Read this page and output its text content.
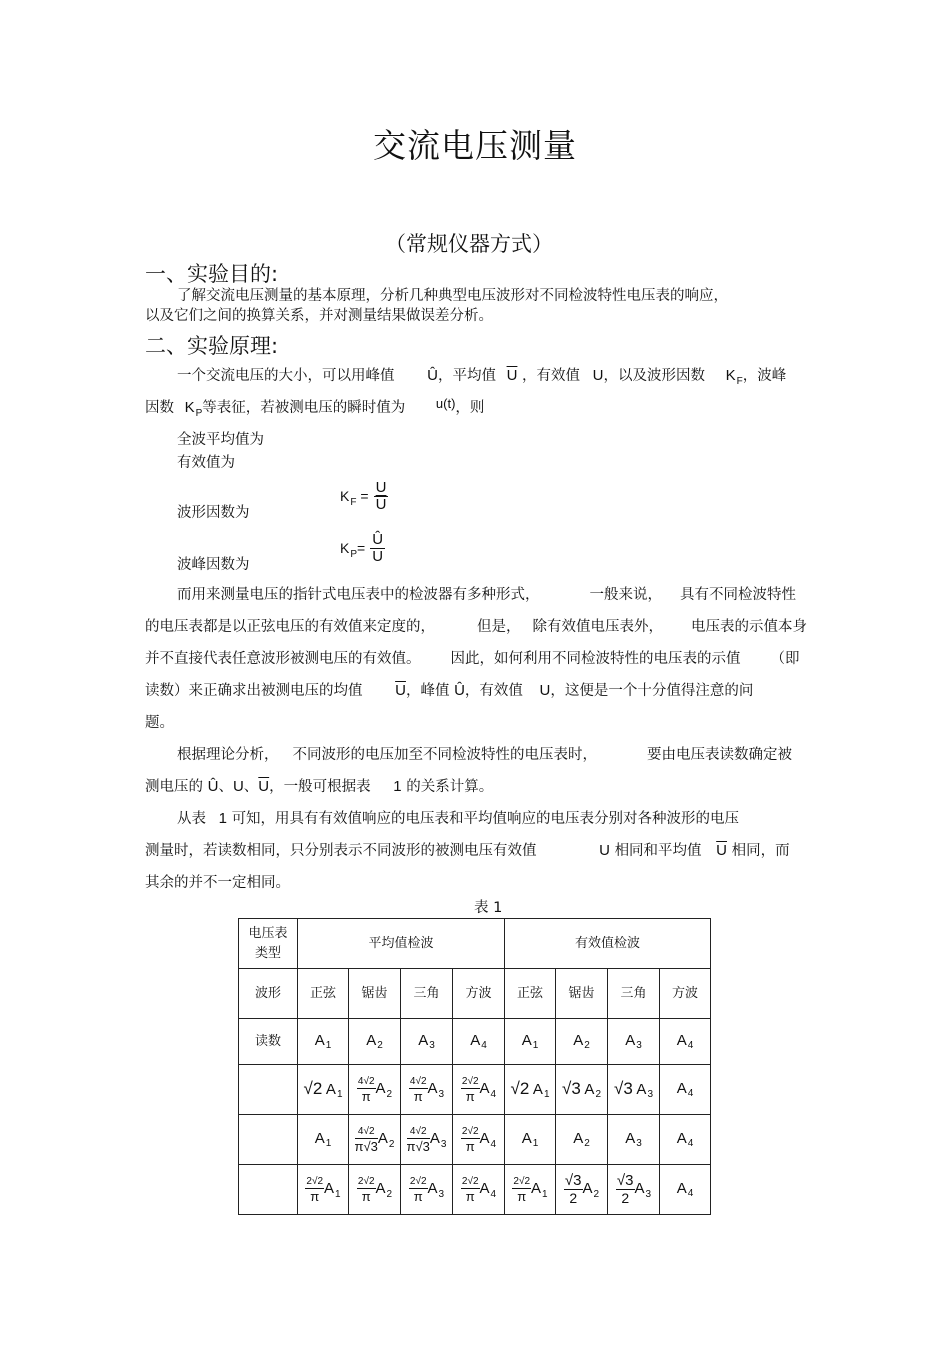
交流电压测量
（常规仪器方式）
一、实验目的:
了解交流电压测量的基本原理，分析几种典型电压波形对不同检波特性电压表的响应，
以及它们之间的换算关系，并对测量结果做误差分析。
二、实验原理:
一个交流电压的大小，可以用峰值 Û，平均值 $\overline{U}$ ，有效值 U，以及波形因数 $K_F$，波峰
因数 $K_P$等表征，若被测电压的瞬时值为 u(t)，则
全波平均值为
有效值为
波形因数为
波峰因数为
$K_F = \frac{U}{U}$
$K_P= \frac{Û}{U}$
而用来测量电压的指针式电压表中的检波器有多种形式，	一般来说， 具有不同检波特性
的电压表都是以正弦电压的有效值来定度的，	但是， 除有效值电压表外， 电压表的示值本身
并不直接代表任意波形被测电压的有效值。 因此，如何利用不同检波特性的电压表的示值 （即
读数）来正确求出被测电压的均值 $\overline{U}$，峰值 Û，有效值 U，这便是一个十分值得注意的问
题。
根据理论分析， 不同波形的电压加至不同检波特性的电压表时，	要由电压表读数确定被
测电压的 Û、U、$\overline{U}$，一般可根据表 1 的关系计算。
从表 1 可知，用具有有效值响应的电压表和平均值响应的电压表分别对各种波形的电压
测量时，若读数相同，只分别表示不同波形的被测电压有效值	U 相同和平均值 $\overline{U}$ 相同，而
其余的并不一定相同。
表 1
电压表
类型	平均值检波				有效值检波			
波形	正弦	锯齿	三角	方波	正弦	锯齿	三角	方波
读数	$A_1$	$A_2$	$A_3$	$A_4$	$A_1$	$A_2$	$A_3$	$A_4$
	√2 $A_1$	$\frac{4√2}{\pi} A_2$	$\frac{4√2}{\pi} A_3$	$\frac{2√2}{\pi} A_4$	√2 $A_1$	√3 $A_2$	√3 $A_3$	$A_4$
	$A_1$	$\frac{4√2}{\pi√3} A_2$	$\frac{4√2}{\pi√3} A_3$	$\frac{2√2}{\pi} A_4$	$A_1$	$A_2$	$A_3$	$A_4$

	$\frac{2√2}{\pi} A_1$	$\frac{2√2}{\pi} A_2$	$\frac{2√2}{\pi} A_3$	$\frac{2√2}{\pi} A_4$	$\frac{2√2}{\pi} A_1$	$\frac{√3}{2} A_2$	$\frac{√3}{2} A_3$	$A_4$
